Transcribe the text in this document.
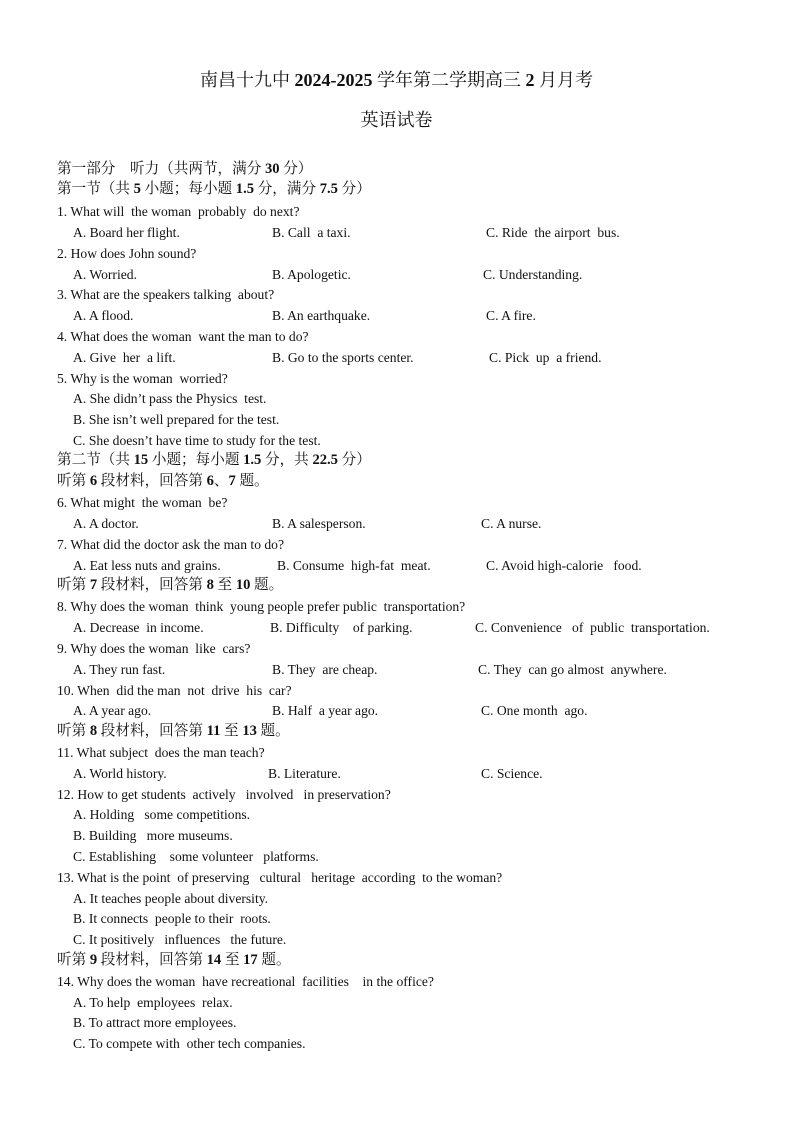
南昌十九中 2024-2025 学年第二学期高三 2 月月考
英语试卷
第一部分    听力（共两节，满分 30 分）
第一节（共 5 小题；每小题 1.5 分，满分 7.5 分）
1. What will  the woman  probably  do next?
A. Board her flight.	B. Call  a taxi.	C. Ride  the airport  bus.
2. How does John sound?
A. Worried.	B. Apologetic.	C. Understanding.
3. What are the speakers talking  about?
A. A flood.	B. An earthquake.	C. A fire.
4. What does the woman  want the man to do?
A. Give  her  a lift.	B. Go to the sports center.	C. Pick  up  a friend.
5. Why is the woman  worried?
A. She didn’t pass the Physics  test.
B. She isn’t well prepared for the test.
C. She doesn’t have time to study for the test.
第二节（共 15 小题；每小题 1.5 分，共 22.5 分）
听第 6 段材料，回答第 6、7 题。
6. What might  the woman  be?
A. A doctor.	B. A salesperson.	C. A nurse.
7. What did the doctor ask the man to do?
A. Eat less nuts and grains.	B. Consume  high-fat  meat.	C. Avoid high-calorie   food.
听第 7 段材料，回答第 8 至 10 题。
8. Why does the woman  think  young people prefer public  transportation?
A. Decrease  in income.	B. Difficulty    of parking.	C. Convenience   of  public  transportation.
9. Why does the woman  like  cars?
A. They run fast.	B. They  are cheap.	C. They  can go almost  anywhere.
10. When  did the man  not  drive  his  car?
A. A year ago.	B. Half  a year ago.	C. One month  ago.
听第 8 段材料，回答第 11 至 13 题。
11. What subject  does the man teach?
A. World history.	B. Literature.	C. Science.
12. How to get students  actively   involved   in preservation?
A. Holding   some competitions.
B. Building   more museums.
C. Establishing    some volunteer   platforms.
13. What is the point  of preserving   cultural   heritage  according  to the woman?
A. It teaches people about diversity.
B. It connects  people to their  roots.
C. It positively   influences   the future.
听第 9 段材料，回答第 14 至 17 题。
14. Why does the woman  have recreational  facilities    in the office?
A. To help  employees  relax.
B. To attract more employees.
C. To compete with  other tech companies.
